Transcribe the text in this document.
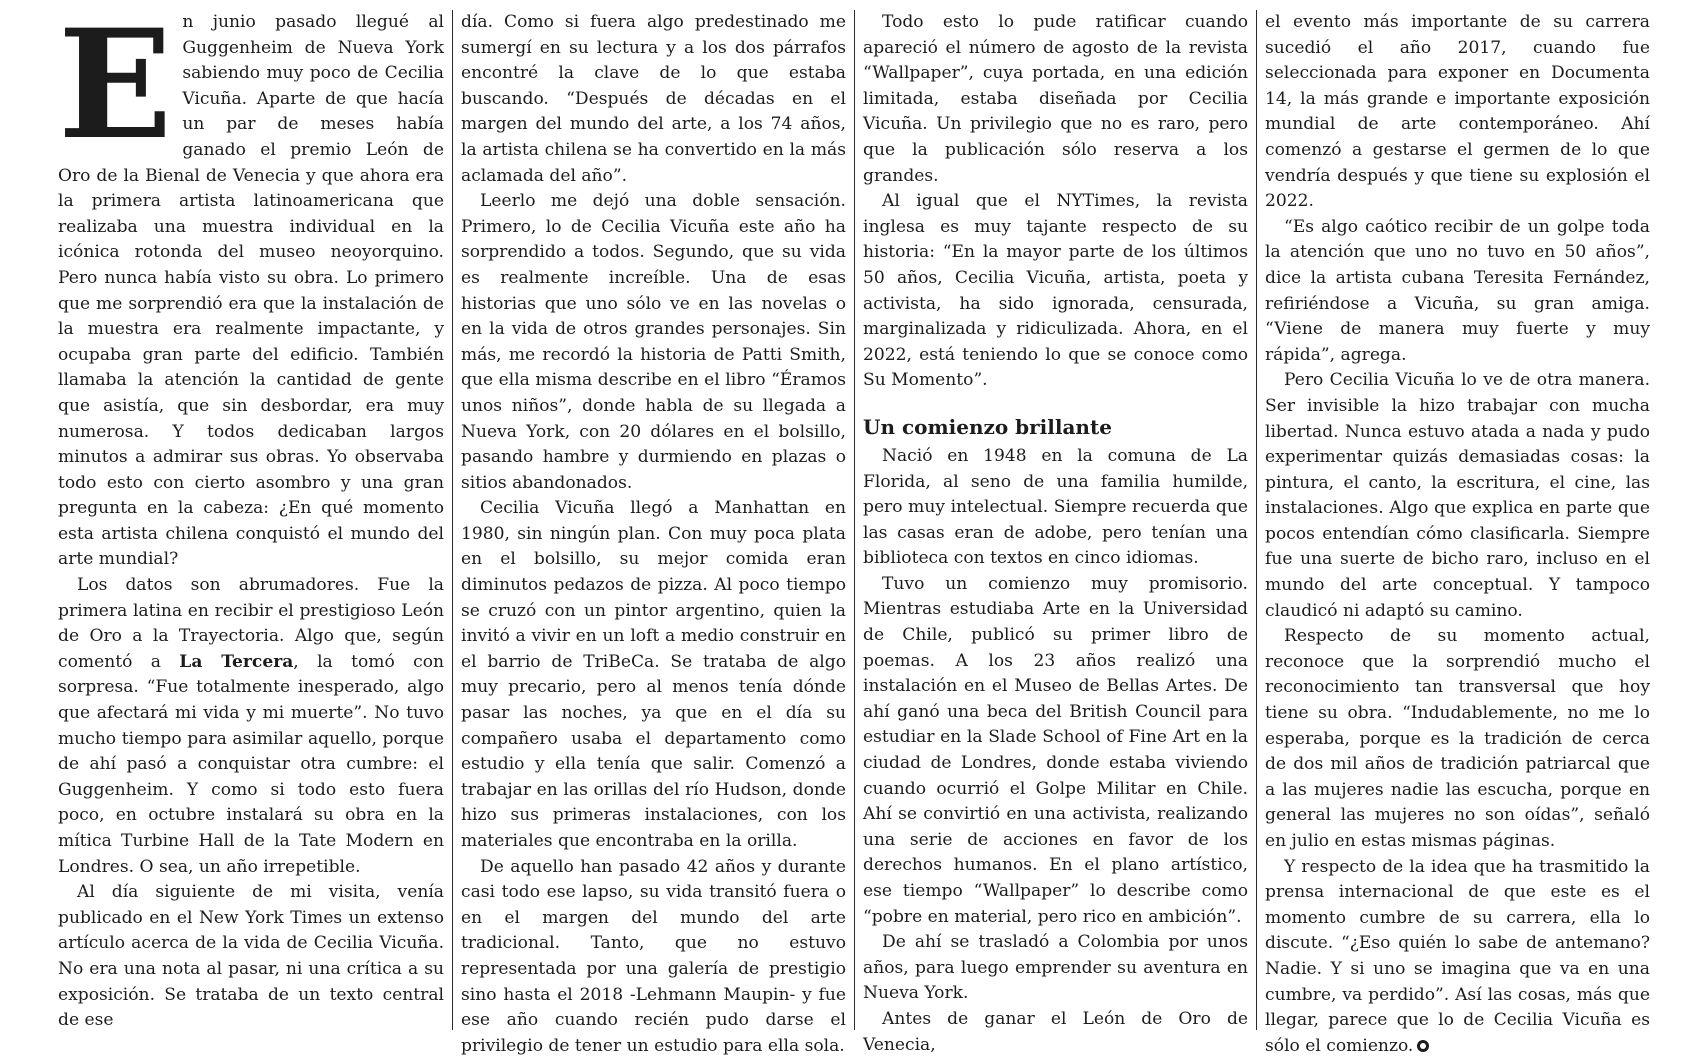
En junio pasado llegué al Guggenheim de Nueva York sabiendo muy poco de Cecilia Vicuña. Aparte de que hacía un par de meses había ganado el premio León de Oro de la Bienal de Venecia y que ahora era la primera artista latinoamericana que realizaba una muestra individual en la icónica rotonda del museo neoyorquino. Pero nunca había visto su obra. Lo primero que me sorprendió era que la instalación de la muestra era realmente impactante, y ocupaba gran parte del edificio. También llamaba la atención la cantidad de gente que asistía, que sin desbordar, era muy numerosa. Y todos dedicaban largos minutos a admirar sus obras. Yo observaba todo esto con cierto asombro y una gran pregunta en la cabeza: ¿En qué momento esta artista chilena conquistó el mundo del arte mundial?

Los datos son abrumadores. Fue la primera latina en recibir el prestigioso León de Oro a la Trayectoria. Algo que, según comentó a La Tercera, la tomó con sorpresa. “Fue totalmente inesperado, algo que afectará mi vida y mi muerte”. No tuvo mucho tiempo para asimilar aquello, porque de ahí pasó a conquistar otra cumbre: el Guggenheim. Y como si todo esto fuera poco, en octubre instalará su obra en la mítica Turbine Hall de la Tate Modern en Londres. O sea, un año irrepetible.

Al día siguiente de mi visita, venía publicado en el New York Times un extenso artículo acerca de la vida de Cecilia Vicuña. No era una nota al pasar, ni una crítica a su exposición. Se trataba de un texto central de ese

día. Como si fuera algo predestinado me sumergí en su lectura y a los dos párrafos encontré la clave de lo que estaba buscando. “Después de décadas en el margen del mundo del arte, a los 74 años, la artista chilena se ha convertido en la más aclamada del año”.

Leerlo me dejó una doble sensación. Primero, lo de Cecilia Vicuña este año ha sorprendido a todos. Segundo, que su vida es realmente increíble. Una de esas historias que uno sólo ve en las novelas o en la vida de otros grandes personajes. Sin más, me recordó la historia de Patti Smith, que ella misma describe en el libro “Éramos unos niños”, donde habla de su llegada a Nueva York, con 20 dólares en el bolsillo, pasando hambre y durmiendo en plazas o sitios abandonados.

Cecilia Vicuña llegó a Manhattan en 1980, sin ningún plan. Con muy poca plata en el bolsillo, su mejor comida eran diminutos pedazos de pizza. Al poco tiempo se cruzó con un pintor argentino, quien la invitó a vivir en un loft a medio construir en el barrio de TriBeCa. Se trataba de algo muy precario, pero al menos tenía dónde pasar las noches, ya que en el día su compañero usaba el departamento como estudio y ella tenía que salir. Comenzó a trabajar en las orillas del río Hudson, donde hizo sus primeras instalaciones, con los materiales que encontraba en la orilla.

De aquello han pasado 42 años y durante casi todo ese lapso, su vida transitó fuera o en el margen del mundo del arte tradicional. Tanto, que no estuvo representada por una galería de prestigio sino hasta el 2018 -Lehmann Maupin- y fue ese año cuando recién pudo darse el privilegio de tener un estudio para ella sola.

Todo esto lo pude ratificar cuando apareció el número de agosto de la revista “Wallpaper”, cuya portada, en una edición limitada, estaba diseñada por Cecilia Vicuña. Un privilegio que no es raro, pero que la publicación sólo reserva a los grandes.

Al igual que el NYTimes, la revista inglesa es muy tajante respecto de su historia: “En la mayor parte de los últimos 50 años, Cecilia Vicuña, artista, poeta y activista, ha sido ignorada, censurada, marginalizada y ridiculizada. Ahora, en el 2022, está teniendo lo que se conoce como Su Momento”.

Un comienzo brillante

Nació en 1948 en la comuna de La Florida, al seno de una familia humilde, pero muy intelectual. Siempre recuerda que las casas eran de adobe, pero tenían una biblioteca con textos en cinco idiomas.

Tuvo un comienzo muy promisorio. Mientras estudiaba Arte en la Universidad de Chile, publicó su primer libro de poemas. A los 23 años realizó una instalación en el Museo de Bellas Artes. De ahí ganó una beca del British Council para estudiar en la Slade School of Fine Art en la ciudad de Londres, donde estaba viviendo cuando ocurrió el Golpe Militar en Chile. Ahí se convirtió en una activista, realizando una serie de acciones en favor de los derechos humanos. En el plano artístico, ese tiempo “Wallpaper” lo describe como “pobre en material, pero rico en ambición”.

De ahí se trasladó a Colombia por unos años, para luego emprender su aventura en Nueva York.

Antes de ganar el León de Oro de Venecia,

el evento más importante de su carrera sucedió el año 2017, cuando fue seleccionada para exponer en Documenta 14, la más grande e importante exposición mundial de arte contemporáneo. Ahí comenzó a gestarse el germen de lo que vendría después y que tiene su explosión el 2022.

“Es algo caótico recibir de un golpe toda la atención que uno no tuvo en 50 años”, dice la artista cubana Teresita Fernández, refiriéndose a Vicuña, su gran amiga. “Viene de manera muy fuerte y muy rápida”, agrega.

Pero Cecilia Vicuña lo ve de otra manera. Ser invisible la hizo trabajar con mucha libertad. Nunca estuvo atada a nada y pudo experimentar quizás demasiadas cosas: la pintura, el canto, la escritura, el cine, las instalaciones. Algo que explica en parte que pocos entendían cómo clasificarla. Siempre fue una suerte de bicho raro, incluso en el mundo del arte conceptual. Y tampoco claudicó ni adaptó su camino.

Respecto de su momento actual, reconoce que la sorprendió mucho el reconocimiento tan transversal que hoy tiene su obra. “Indudablemente, no me lo esperaba, porque es la tradición de cerca de dos mil años de tradición patriarcal que a las mujeres nadie las escucha, porque en general las mujeres no son oídas”, señaló en julio en estas mismas páginas.

Y respecto de la idea que ha trasmitido la prensa internacional de que este es el momento cumbre de su carrera, ella lo discute. “¿Eso quién lo sabe de antemano? Nadie. Y si uno se imagina que va en una cumbre, va perdido”. Así las cosas, más que llegar, parece que lo de Cecilia Vicuña es sólo el comienzo.
